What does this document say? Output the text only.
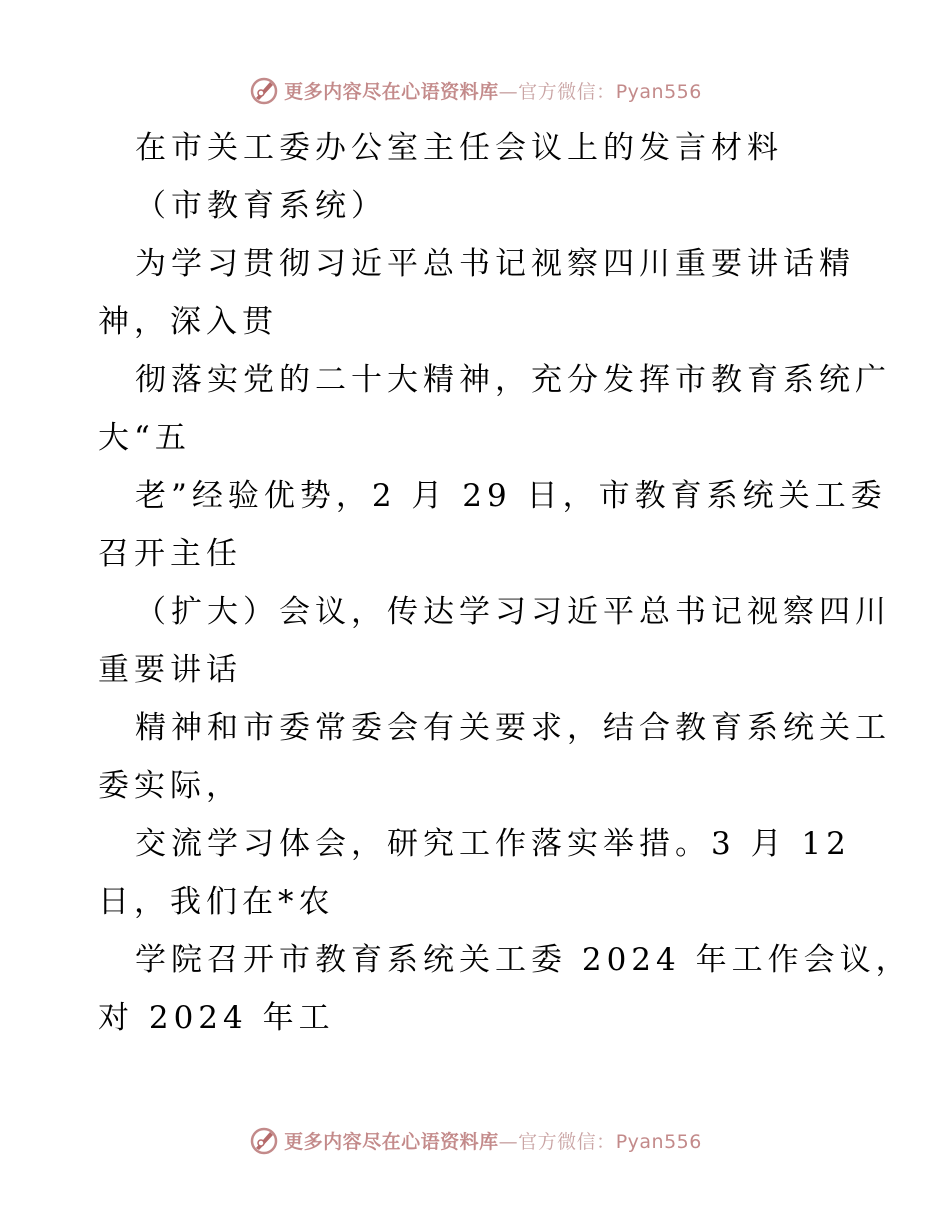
更多内容尽在心语资料库—官方微信：Pyan556
在市关工委办公室主任会议上的发言材料
（市教育系统）
为学习贯彻习近平总书记视察四川重要讲话精
神，深入贯
彻落实党的二十大精神，充分发挥市教育系统广
大“五
老”经验优势，2 月 29 日，市教育系统关工委
召开主任
（扩大）会议，传达学习习近平总书记视察四川
重要讲话
精神和市委常委会有关要求，结合教育系统关工
委实际，
交流学习体会，研究工作落实举措。3 月 12
日，我们在*农
学院召开市教育系统关工委 2024 年工作会议，
对 2024 年工
更多内容尽在心语资料库—官方微信：Pyan556
